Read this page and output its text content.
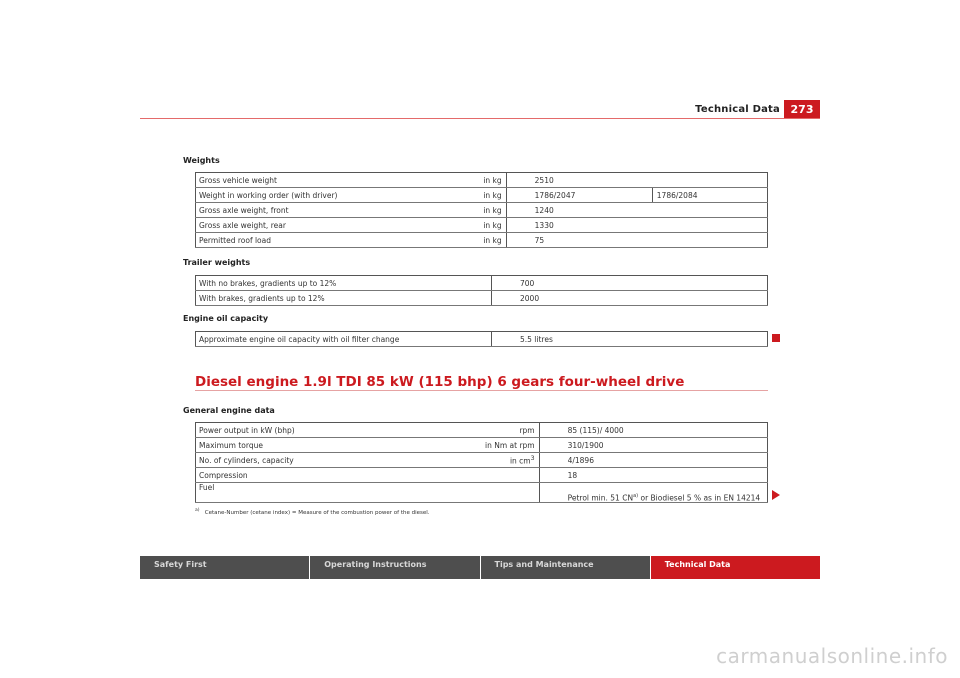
Technical Data 273
Weights
Gross vehicle weight	in kg	2510	
Weight in working order (with driver)	in kg	1786/2047	1786/2084
Gross axle weight, front	in kg	1240	
Gross axle weight, rear	in kg	1330	
Permitted roof load	in kg	75	
Trailer weights
With no brakes, gradients up to 12%	700
With brakes, gradients up to 12%	2000
Engine oil capacity
Approximate engine oil capacity with oil filter change	5.5 litres
Diesel engine 1.9l TDI 85 kW (115 bhp) 6 gears four-wheel drive
General engine data
Power output in kW (bhp)	rpm	85 (115)/ 4000
Maximum torque	in Nm at rpm	310/1900
No. of cylinders, capacity	in $cm^3$	4/1896
Compression		18
Fuel		Petrol min. 51 CN$^{a)}$ or Biodiesel 5 % as in EN 14214
$^{a)}$ Cetane-Number (cetane index) = Measure of the combustion power of the diesel.
Safety First	Operating Instructions	Tips and Maintenance	Technical Data
carmanualsonline.info
